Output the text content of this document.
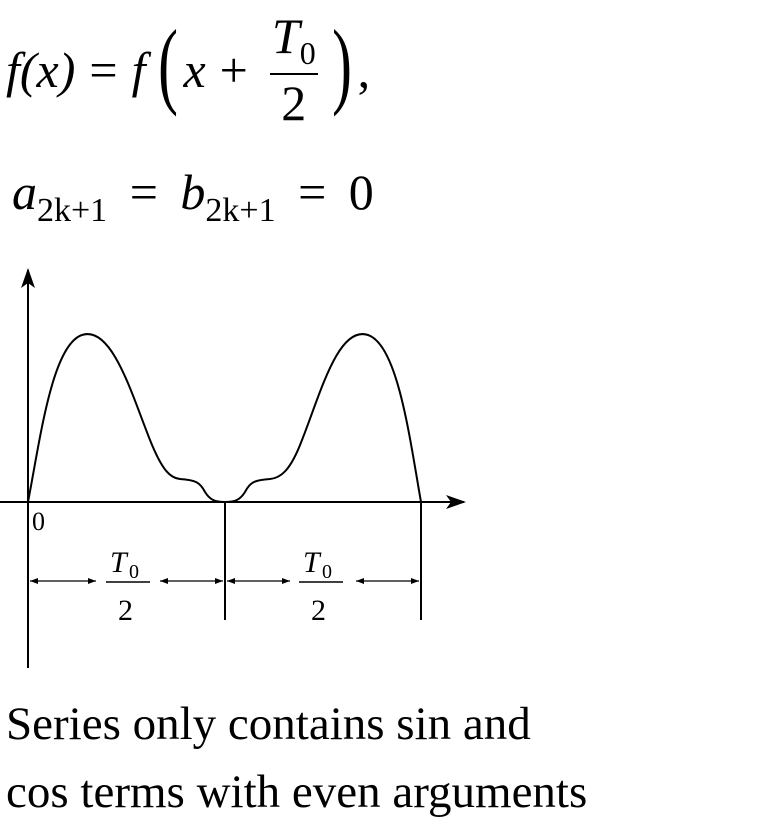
f(x) = f ( $x + \frac{T_0}{2}$ ) ,
$a_{2k+1} = b_{2k+1} = 0$
0
T 0
2
T 0
2
Series only contains sin and
cos terms with even arguments
